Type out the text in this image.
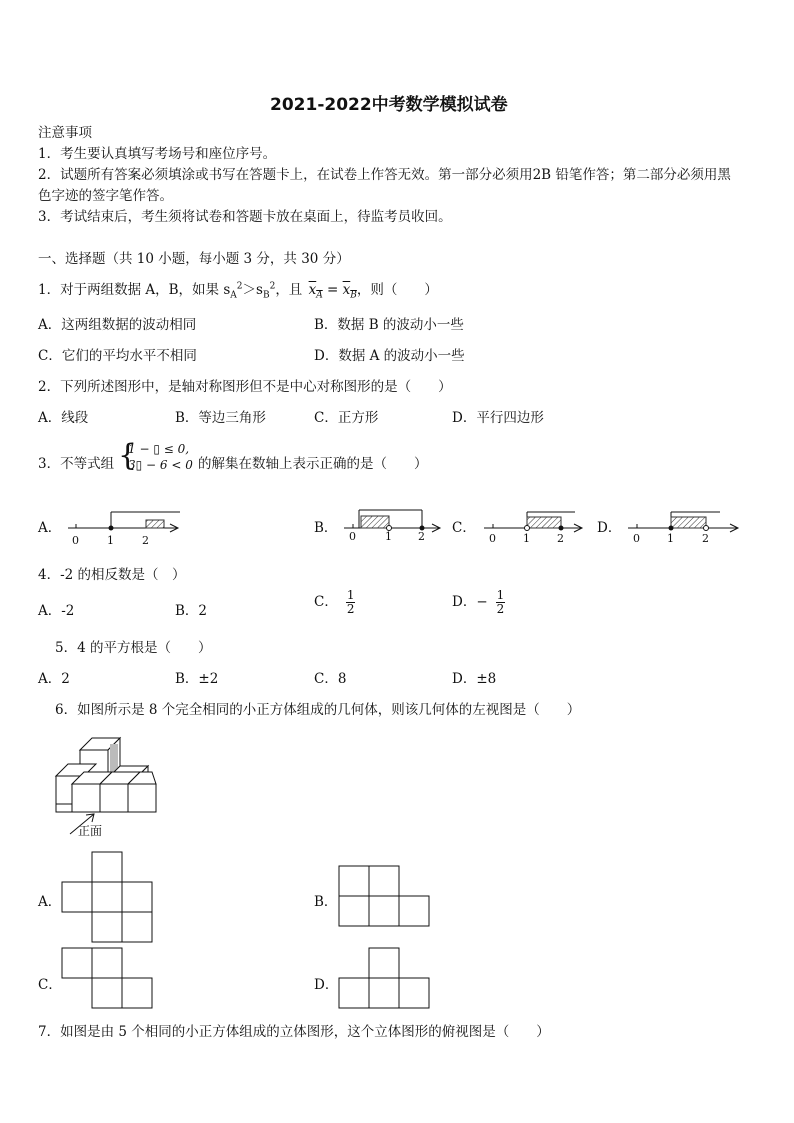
2021-2022中考数学模拟试卷
注意事项
1．考生要认真填写考场号和座位序号。
2．试题所有答案必须填涂或书写在答题卡上，在试卷上作答无效。第一部分必须用2B 铅笔作答；第二部分必须用黑
色字迹的签字笔作答。
3．考试结束后，考生须将试卷和答题卡放在桌面上，待监考员收回。
一、选择题（共 10 小题，每小题 3 分，共 30 分）
1．对于两组数据 A，B，如果 $s_A^2>s_B^2$，且 $x_A = x_B$，则（　　）
A．这两组数据的波动相同	B．数据 B 的波动小一些
C．它们的平均水平不相同	D．数据 A 的波动小一些
2．下列所述图形中，是轴对称图形但不是中心对称图形的是（　　）
A．线段	B．等边三角形	C．正方形	D．平行四边形
3．不等式组 {
1 − ▯ ≤ 0,
3▯ − 6 < 0 的解集在数轴上表示正确的是（　　）
A．	B．	C．	D．
0	1	2	0	1 2	0 1 2	0 1	2
4．-2 的相反数是（　）
A．-2	B．2
C． $\frac{1}{2}$	D．− $\frac{1}{2}$
5．4 的平方根是（　　）
A．2	B．±2	C．8	D．±8
6．如图所示是 8 个完全相同的小正方体组成的几何体，则该几何体的左视图是（　　）
正面
A．	B．
C．	D．
7．如图是由 5 个相同的小正方体组成的立体图形，这个立体图形的俯视图是（　　）
